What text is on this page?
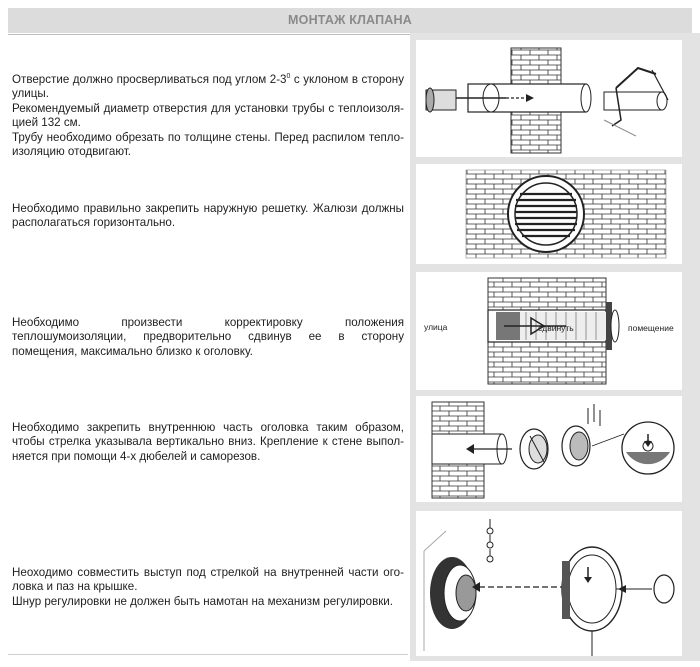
МОНТАЖ КЛАПАНА

Отверстие должно просверливаться под углом $2-3^0$ с уклоном в сторону улицы.

Рекомендуемый диаметр отверстия для установки трубы с теплоизоля-цией 132 см.

Трубу необходимо обрезать по толщине стены. Перед распилом тепло-изоляцию отодвигают.

Необходимо правильно закрепить наружную решетку. Жалюзи должны располагаться горизонтально.

Необходимо произвести корректировку положения теплошумоизоляции, предворительно сдвинув ее в сторону помещения, максимально близко к оголовку.

Необходимо закрепить внутреннюю часть оголовка таким образом, чтобы стрелка указывала вертикально вниз. Крепление к стене выпол-няется при помощи 4-х дюбелей и саморезов.

Неоходимо совместить выступ под стрелкой на внутренней части ого-ловка и паз на крышке.

Шнур регулировки не должен быть намотан на механизм регулировки.

улица	сдвинуть	помещение
